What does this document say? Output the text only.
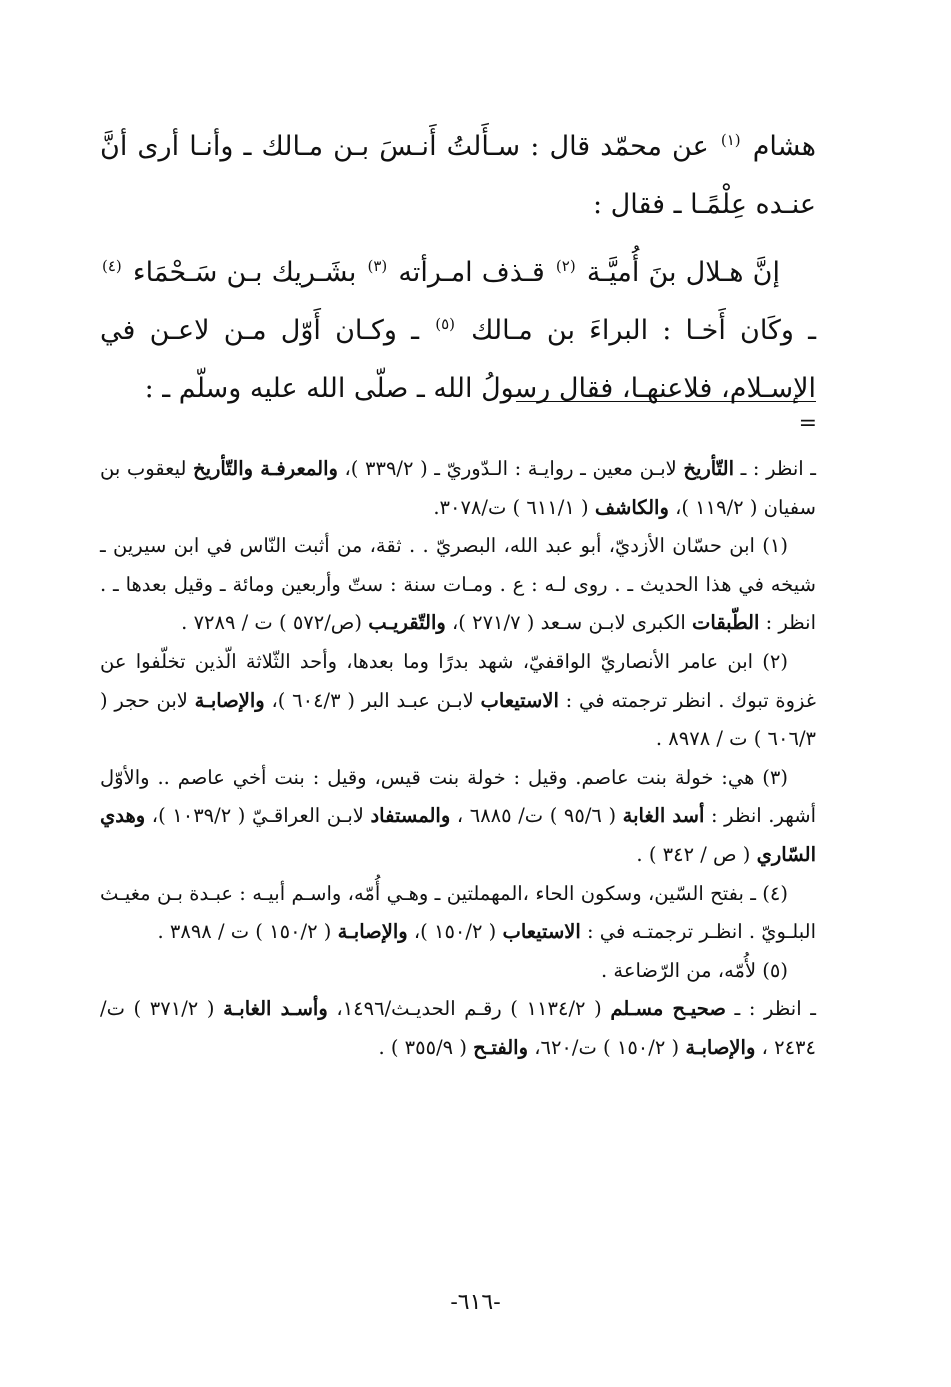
هشام $^{(١)}$ عن محمّد قال : سـأَلتُ أَنـسَ بـن مـالك ـ وأنـا أرى أنَّ عنـده عِلْمًـا ـ فقال :

إنَّ هـلال بنَ أُميَّـة $^{(٢)}$ قـذف امـرأته $^{(٣)}$ بشَـريك بـن سَـحْمَاء $^{(٤)}$ ـ وكَان أَخـا : البراءَ بن مـالك $^{(٥)}$ ـ وكـان أَوّل مـن لاعـن في الإسـلام، فلاعنهـا، فقال رسولُ الله ـ صلّى الله عليه وسلّم ـ :

=

ـ انظر : ـ التّأريخ لابـن معين ـ روايـة : الـدّوريّ ـ ( ٣٣٩/٢ )، والمعرفـة والتّأريخ ليعقوب بن سفيان ( ١١٩/٢ )، والكاشف ( ٦١١/١ ) ت/٣٠٧٨.

(١) ابن حسّان الأزديّ، أبو عبد الله، البصريّ . . ثقة، من أثبت النّاس في ابن سيرين ـ شيخه في هذا الحديث ـ . روى لـه : ع . ومـات سنة : ستّ وأربعين ومائة ـ وقيل بعدها ـ . انظر : الطّبقات الكبرى لابـن سـعد ( ٢٧١/٧ )، والتّقريـب (ص/٥٧٢ ) ت / ٧٢٨٩ .

(٢) ابن عامر الأنصاريّ الواقفيّ، شهد بدرًا وما بعدها، وأحد الثّلاثة الّذين تخلّفوا عن غزوة تبوك . انظر ترجمته في : الاستيعاب لابـن عبـد البر ( ٦٠٤/٣ )، والإصابـة لابن حجر ( ٦٠٦/٣ ) ت / ٨٩٧٨ .

(٣) هي: خولة بنت عاصم. وقيل : خولة بنت قيس، وقيل : بنت أخي عاصم .. والأوّل أشهر. انظر : أسد الغابة ( ٩٥/٦ ) ت/ ٦٨٨٥ ، والمستفاد لابـن العراقـيّ ( ١٠٣٩/٢ )، وهدي السّاري ( ص / ٣٤٢ ) .

(٤) ـ بفتح السّين، وسكون الحاء ،المهملتين ـ وهـي أُمّه، واسـم أبيـه : عبـدة بـن مغيـث البلـويّ . انظـر ترجمتـه في : الاستيعاب ( ١٥٠/٢ )، والإصابـة ( ١٥٠/٢ ) ت / ٣٨٩٨ .

(٥) لأُمّه، من الرّضاعة .

ـ انظر : ـ صحيـح مسـلم ( ١١٣٤/٢ ) رقـم الحديـث/١٤٩٦، وأسـد الغابـة ( ٣٧١/٢ ) ت/٢٤٣٤ ، والإصابـة ( ١٥٠/٢ ) ت/٦٢٠، والفتـح ( ٣٥٥/٩ ) .

-٦١٦-
